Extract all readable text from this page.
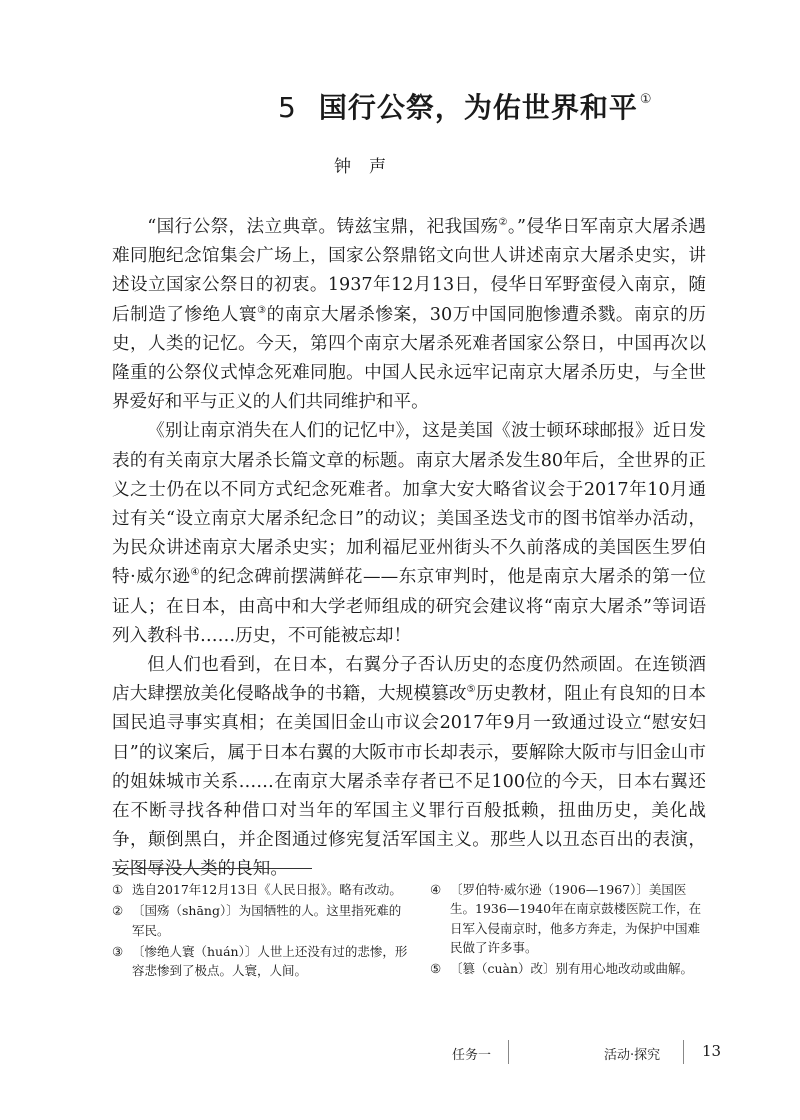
5 国行公祭，为佑世界和平 ①
钟声

“国行公祭，法立典章。铸兹宝鼎，祀我国殇②。”侵华日军南京大屠杀遇难同胞纪念馆集会广场上，国家公祭鼎铭文向世人讲述南京大屠杀史实，讲述设立国家公祭日的初衷。1937年12月13日，侵华日军野蛮侵入南京，随后制造了惨绝人寰③的南京大屠杀惨案，30万中国同胞惨遭杀戮。南京的历史，人类的记忆。今天，第四个南京大屠杀死难者国家公祭日，中国再次以隆重的公祭仪式悼念死难同胞。中国人民永远牢记南京大屠杀历史，与全世界爱好和平与正义的人们共同维护和平。

《别让南京消失在人们的记忆中》，这是美国《波士顿环球邮报》近日发表的有关南京大屠杀长篇文章的标题。南京大屠杀发生80年后，全世界的正义之士仍在以不同方式纪念死难者。加拿大安大略省议会于2017年10月通过有关“设立南京大屠杀纪念日”的动议；美国圣迭戈市的图书馆举办活动，为民众讲述南京大屠杀史实；加利福尼亚州街头不久前落成的美国医生罗伯特·威尔逊④的纪念碑前摆满鲜花——东京审判时，他是南京大屠杀的第一位证人；在日本，由高中和大学老师组成的研究会建议将“南京大屠杀”等词语列入教科书……历史，不可能被忘却！

但人们也看到，在日本，右翼分子否认历史的态度仍然顽固。在连锁酒店大肆摆放美化侵略战争的书籍，大规模篡改⑤历史教材，阻止有良知的日本国民追寻事实真相；在美国旧金山市议会2017年9月一致通过设立“慰安妇日”的议案后，属于日本右翼的大阪市市长却表示，要解除大阪市与旧金山市的姐妹城市关系……在南京大屠杀幸存者已不足100位的今天，日本右翼还在不断寻找各种借口对当年的军国主义罪行百般抵赖，扭曲历史，美化战争，颠倒黑白，并企图通过修宪复活军国主义。那些人以丑态百出的表演，妄图辱没人类的良知。

① 选自2017年12月13日《人民日报》。略有改动。
② 〔国殇（shāng）〕为国牺牲的人。这里指死难的军民。
③ 〔惨绝人寰（huán）〕人世上还没有过的悲惨，形容悲惨到了极点。人寰，人间。
④ 〔罗伯特·威尔逊（1906—1967）〕美国医生。1936—1940年在南京鼓楼医院工作，在日军入侵南京时，他多方奔走，为保护中国难民做了许多事。
⑤ 〔篡（cuàn）改〕别有用心地改动或曲解。
任务一	活动·探究	13
